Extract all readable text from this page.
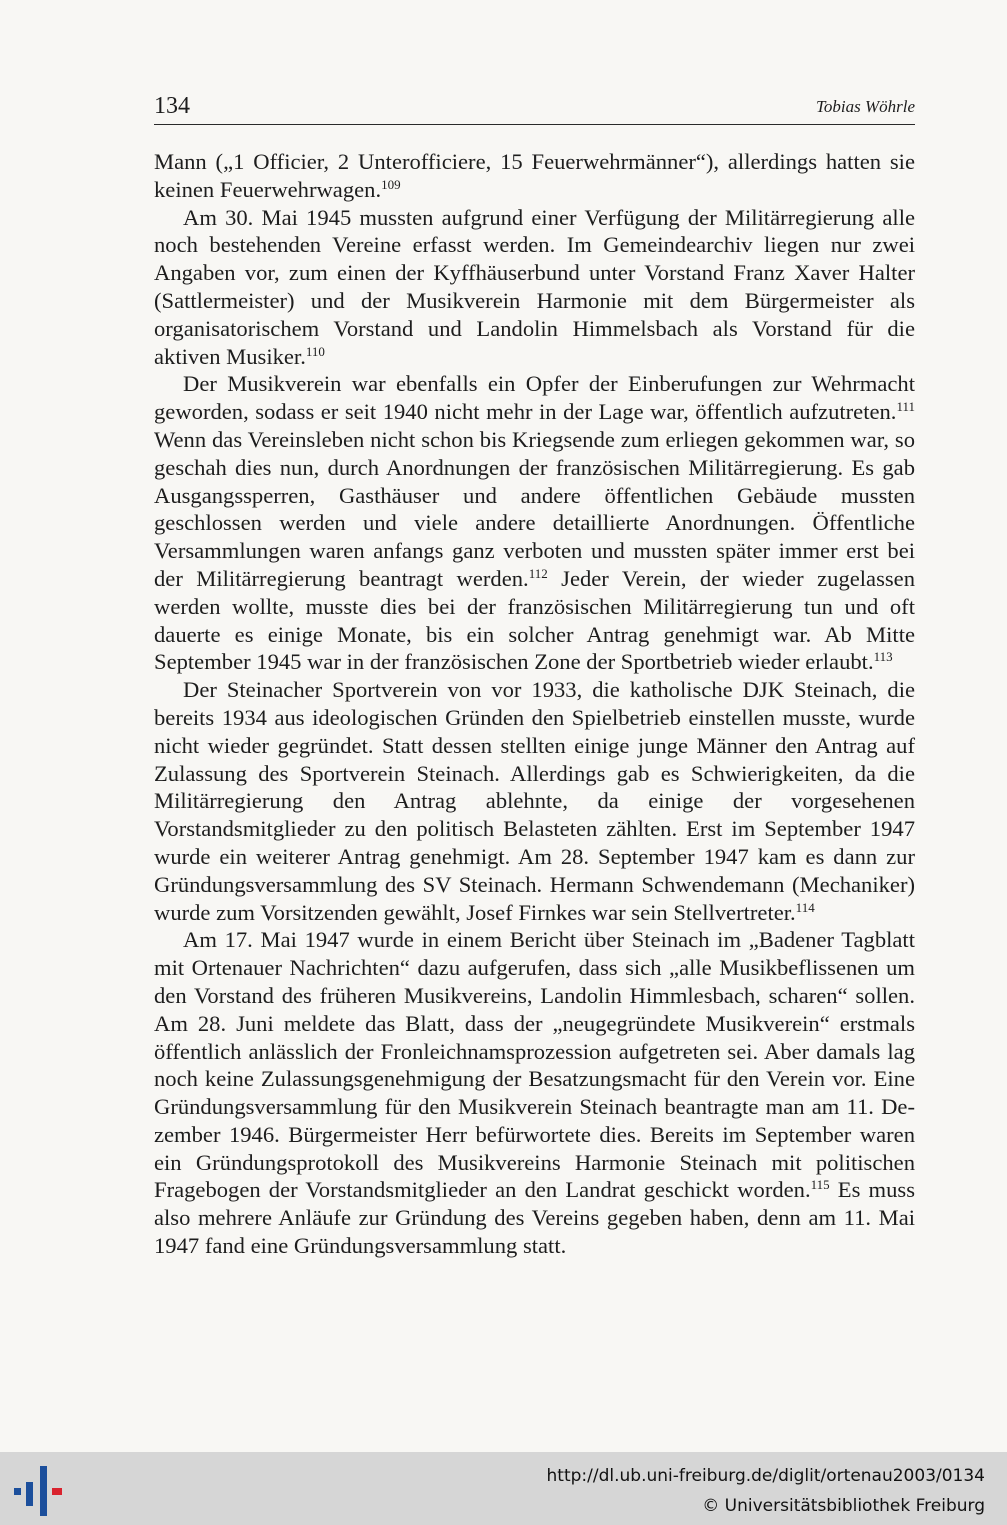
134	Tobias Wöhrle

Mann („1 Officier, 2 Unterofficiere, 15 Feuerwehrmänner“), allerdings hatten sie keinen Feuerwehrwagen.$^{109}$

Am 30. Mai 1945 mussten aufgrund einer Verfügung der Militärregierung alle noch bestehenden Vereine erfasst werden. Im Gemeindearchiv liegen nur zwei Angaben vor, zum einen der Kyffhäuserbund unter Vorstand Franz Xaver Halter (Sattlermeister) und der Musikverein Harmonie mit dem Bürgermeister als organisatorischem Vorstand und Landolin Himmelsbach als Vorstand für die aktiven Musiker.$^{110}$

Der Musikverein war ebenfalls ein Opfer der Einberufungen zur Wehrmacht geworden, sodass er seit 1940 nicht mehr in der Lage war, öffentlich aufzutreten.$^{111}$ Wenn das Vereinsleben nicht schon bis Kriegsende zum erliegen gekommen war, so geschah dies nun, durch Anordnungen der französischen Militärregierung. Es gab Ausgangssperren, Gasthäuser und andere öffentlichen Gebäude mussten geschlossen werden und viele andere detaillierte Anordnungen. Öffentliche Versammlungen waren anfangs ganz verboten und mussten später immer erst bei der Militärregierung beantragt werden.$^{112}$ Jeder Verein, der wieder zugelassen werden wollte, musste dies bei der französischen Militärregierung tun und oft dauerte es einige Monate, bis ein solcher Antrag genehmigt war. Ab Mitte September 1945 war in der französischen Zone der Sportbetrieb wieder erlaubt.$^{113}$

Der Steinacher Sportverein von vor 1933, die katholische DJK Steinach, die bereits 1934 aus ideologischen Gründen den Spielbetrieb einstellen musste, wurde nicht wieder gegründet. Statt dessen stellten einige junge Männer den Antrag auf Zulassung des Sportverein Steinach. Allerdings gab es Schwierigkeiten, da die Militärregierung den Antrag ablehnte, da einige der vorgesehenen Vorstandsmitglieder zu den politisch Belasteten zählten. Erst im September 1947 wurde ein weiterer Antrag genehmigt. Am 28. September 1947 kam es dann zur Gründungsversammlung des SV Steinach. Hermann Schwendemann (Mechaniker) wurde zum Vorsitzenden gewählt, Josef Firnkes war sein Stellvertreter.$^{114}$

Am 17. Mai 1947 wurde in einem Bericht über Steinach im „Badener Tagblatt mit Ortenauer Nachrichten“ dazu aufgerufen, dass sich „alle Musikbeflissenen um den Vorstand des früheren Musikvereins, Landolin Himmlesbach, scharen“ sollen. Am 28. Juni meldete das Blatt, dass der „neugegründete Musikverein“ erstmals öffentlich anlässlich der Fronleichnamsprozession aufgetreten sei. Aber damals lag noch keine Zulassungsgenehmigung der Besatzungsmacht für den Verein vor. Eine Gründungsversammlung für den Musikverein Steinach beantragte man am 11. Dezember 1946. Bürgermeister Herr befürwortete dies. Bereits im September waren ein Gründungsprotokoll des Musikvereins Harmonie Steinach mit politischen Fragebogen der Vorstandsmitglieder an den Landrat geschickt worden.$^{115}$ Es muss also mehrere Anläufe zur Gründung des Vereins gegeben haben, denn am 11. Mai 1947 fand eine Gründungsversammlung statt.

http://dl.ub.uni-freiburg.de/diglit/ortenau2003/0134
© Universitätsbibliothek Freiburg
